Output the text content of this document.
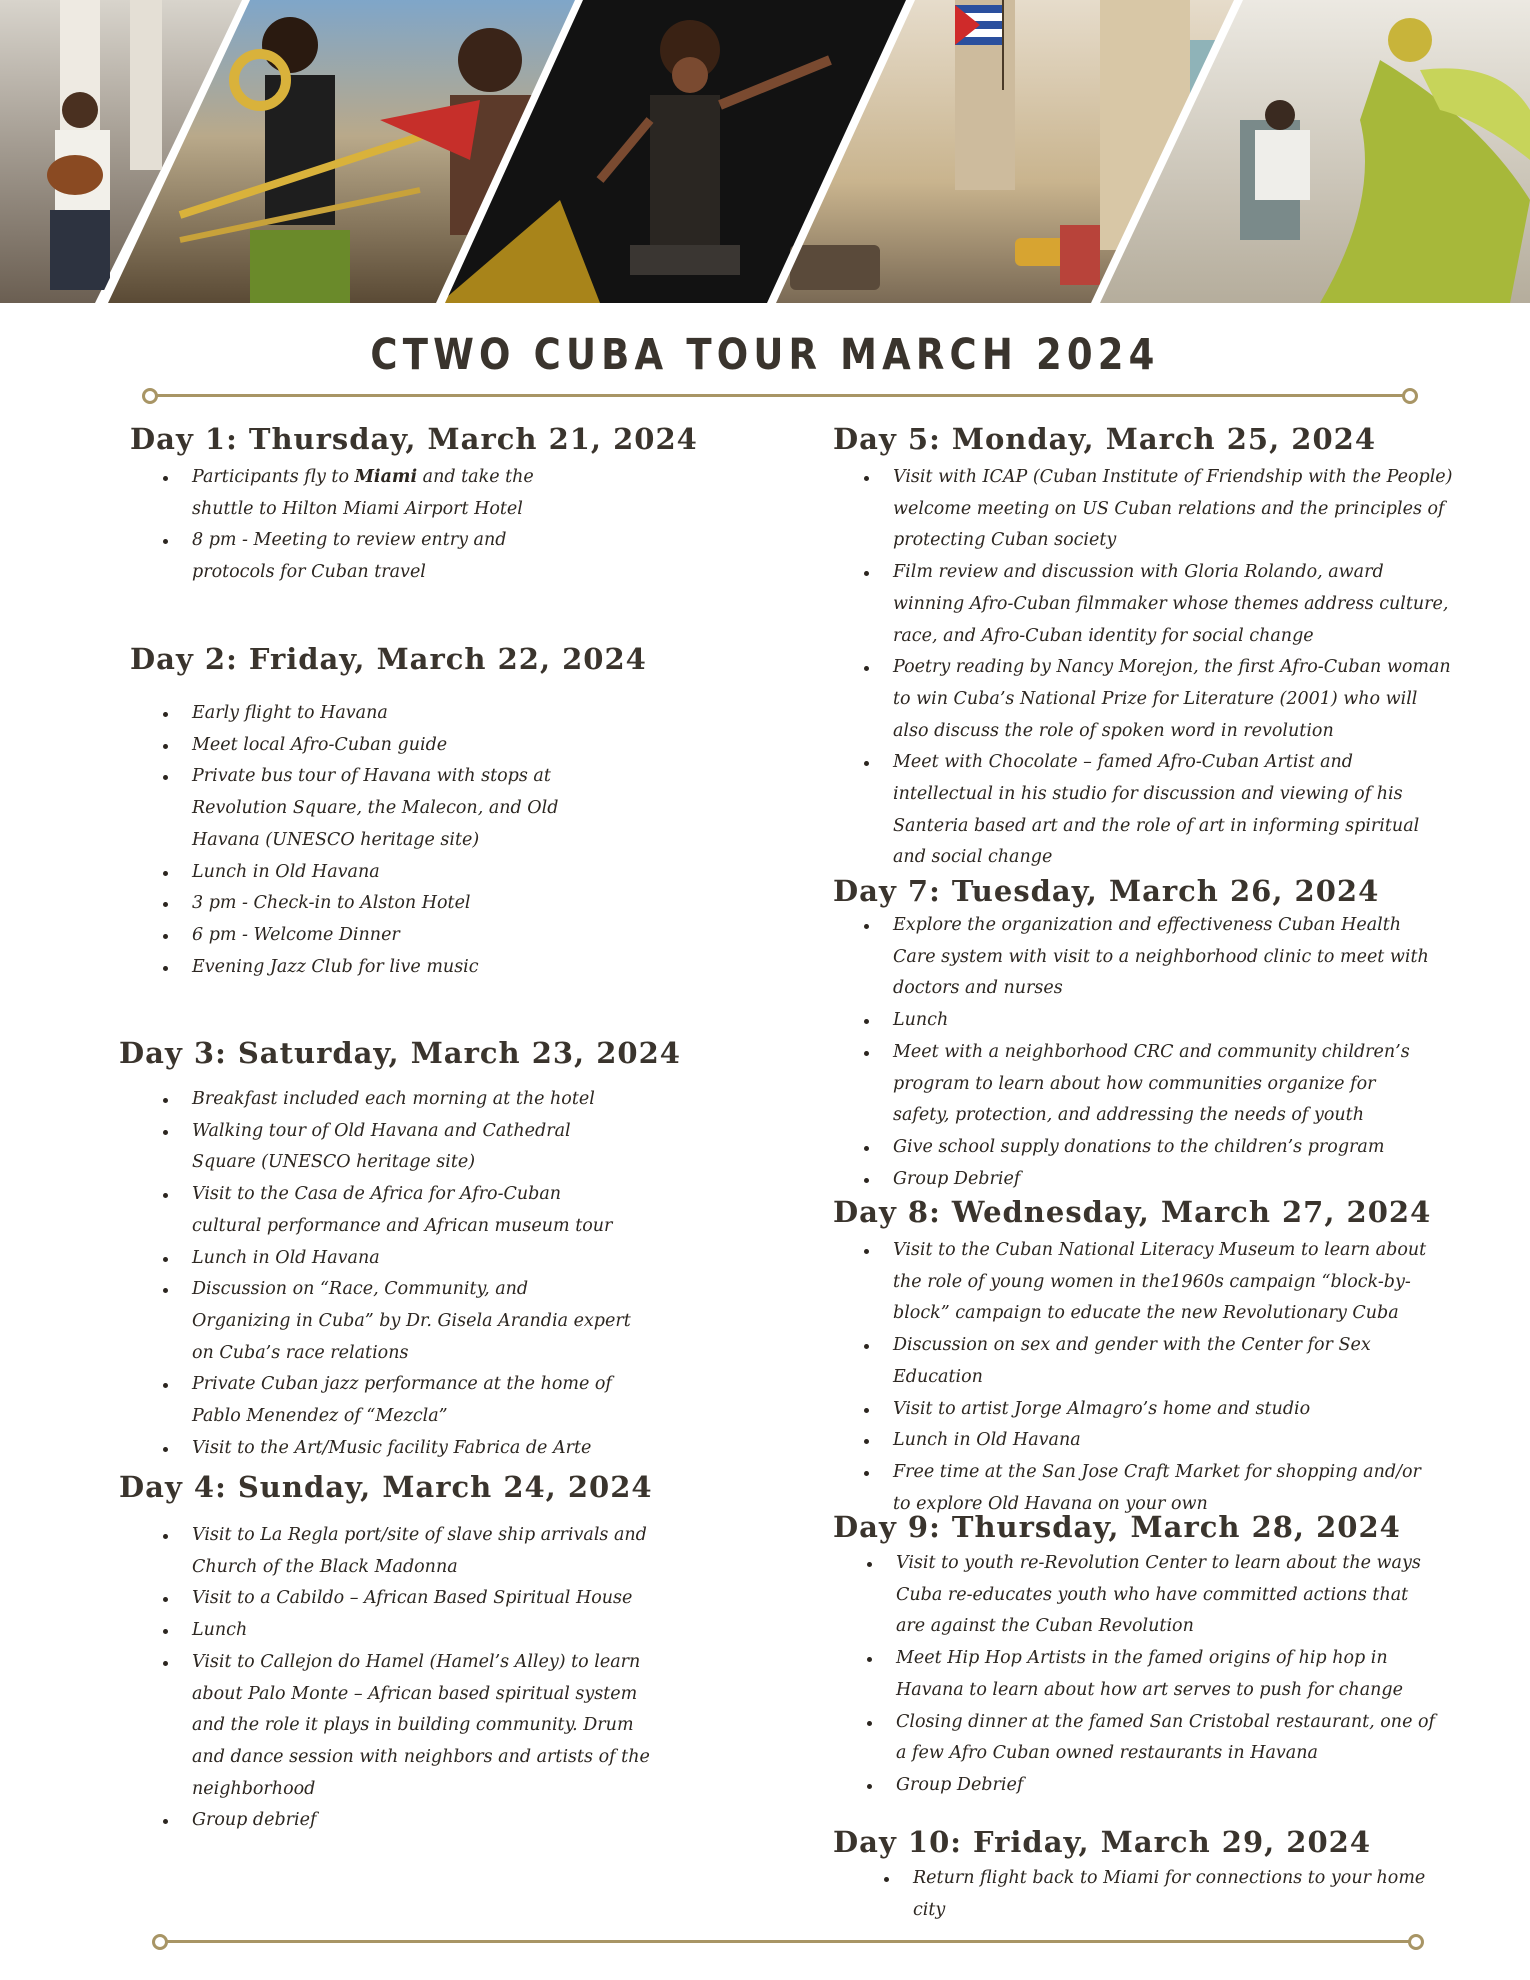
CTWO CUBA TOUR MARCH 2024
Day 1: Thursday, March 21, 2024
Participants fly to Miami and take the shuttle to Hilton Miami Airport Hotel
8 pm - Meeting to review entry and protocols for Cuban travel
Day 2: Friday, March 22, 2024
Early flight to Havana
Meet local Afro-Cuban guide
Private bus tour of Havana with stops at Revolution Square, the Malecon, and Old Havana (UNESCO heritage site)
Lunch in Old Havana
3 pm - Check-in to Alston Hotel
6 pm - Welcome Dinner
Evening Jazz Club for live music
Day 3: Saturday, March 23, 2024
Breakfast included each morning at the hotel
Walking tour of Old Havana and Cathedral Square (UNESCO heritage site)
Visit to the Casa de Africa for Afro-Cuban cultural performance and African museum tour
Lunch in Old Havana
Discussion on “Race, Community, and Organizing in Cuba” by Dr. Gisela Arandia expert on Cuba’s race relations
Private Cuban jazz performance at the home of Pablo Menendez of “Mezcla”
Visit to the Art/Music facility Fabrica de Arte
Day 4: Sunday, March 24, 2024
Visit to La Regla port/site of slave ship arrivals and Church of the Black Madonna
Visit to a Cabildo – African Based Spiritual House
Lunch
Visit to Callejon do Hamel (Hamel’s Alley) to learn about Palo Monte – African based spiritual system and the role it plays in building community. Drum and dance session with neighbors and artists of the neighborhood
Group debrief
Day 5: Monday, March 25, 2024
Visit with ICAP (Cuban Institute of Friendship with the People) welcome meeting on US Cuban relations and the principles of protecting Cuban society
Film review and discussion with Gloria Rolando, award winning Afro-Cuban filmmaker whose themes address culture, race, and Afro-Cuban identity for social change
Poetry reading by Nancy Morejon, the first Afro-Cuban woman to win Cuba’s National Prize for Literature (2001) who will also discuss the role of spoken word in revolution
Meet with Chocolate – famed Afro-Cuban Artist and intellectual in his studio for discussion and viewing of his Santeria based art and the role of art in informing spiritual and social change
Day 7: Tuesday, March 26, 2024
Explore the organization and effectiveness Cuban Health Care system with visit to a neighborhood clinic to meet with doctors and nurses
Lunch
Meet with a neighborhood CRC and community children’s program to learn about how communities organize for safety, protection, and addressing the needs of youth
Give school supply donations to the children’s program
Group Debrief
Day 8: Wednesday, March 27, 2024
Visit to the Cuban National Literacy Museum to learn about the role of young women in the1960s campaign “block-by-block” campaign to educate the new Revolutionary Cuba
Discussion on sex and gender with the Center for Sex Education
Visit to artist Jorge Almagro’s home and studio
Lunch in Old Havana
Free time at the San Jose Craft Market for shopping and/or to explore Old Havana on your own
Day 9: Thursday, March 28, 2024
Visit to youth re-Revolution Center to learn about the ways Cuba re-educates youth who have committed actions that are against the Cuban Revolution
Meet Hip Hop Artists in the famed origins of hip hop in Havana to learn about how art serves to push for change
Closing dinner at the famed San Cristobal restaurant, one of a few Afro Cuban owned restaurants in Havana
Group Debrief
Day 10: Friday, March 29, 2024
Return flight back to Miami for connections to your home city
